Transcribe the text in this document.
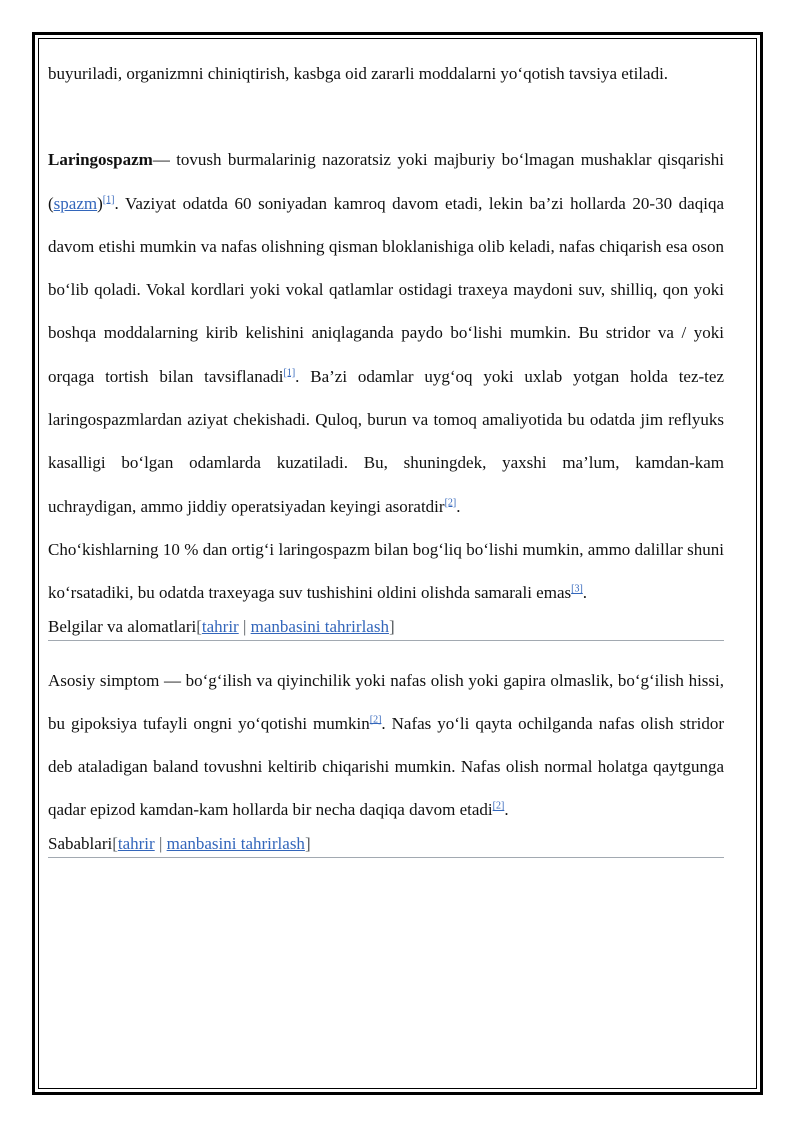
buyuriladi, organizmni chiniqtirish, kasbga oid zararli moddalarni yo‘qotish tavsiya etiladi.

Laringospazm— tovush burmalarinig nazoratsiz yoki majburiy bo‘lmagan mushaklar qisqarishi (spazm)[1]. Vaziyat odatda 60 soniyadan kamroq davom etadi, lekin ba’zi hollarda 20-30 daqiqa davom etishi mumkin va nafas olishning qisman bloklanishiga olib keladi, nafas chiqarish esa oson bo‘lib qoladi. Vokal kordlari yoki vokal qatlamlar ostidagi traxeya maydoni suv, shilliq, qon yoki boshqa moddalarning kirib kelishini aniqlaganda paydo bo‘lishi mumkin. Bu stridor va / yoki orqaga tortish bilan tavsiflanadi[1]. Ba’zi odamlar uyg‘oq yoki uxlab yotgan holda tez-tez laringospazmlardan aziyat chekishadi. Quloq, burun va tomoq amaliyotida bu odatda jim reflyuks kasalligi bo‘lgan odamlarda kuzatiladi. Bu, shuningdek, yaxshi ma’lum, kamdan-kam uchraydigan, ammo jiddiy operatsiyadan keyingi asoratdir[2].

Cho‘kishlarning 10 % dan ortig‘i laringospazm bilan bog‘liq bo‘lishi mumkin, ammo dalillar shuni ko‘rsatadiki, bu odatda traxeyaga suv tushishini oldini olishda samarali emas[3].

Belgilar va alomatlari[tahrir | manbasini tahrirlash]

Asosiy simptom — bo‘g‘ilish va qiyinchilik yoki nafas olish yoki gapira olmaslik, bo‘g‘ilish hissi, bu gipoksiya tufayli ongni yo‘qotishi mumkin[2]. Nafas yo‘li qayta ochilganda nafas olish stridor deb ataladigan baland tovushni keltirib chiqarishi mumkin. Nafas olish normal holatga qaytgunga qadar epizod kamdan-kam hollarda bir necha daqiqa davom etadi[2].

Sabablari[tahrir | manbasini tahrirlash]
